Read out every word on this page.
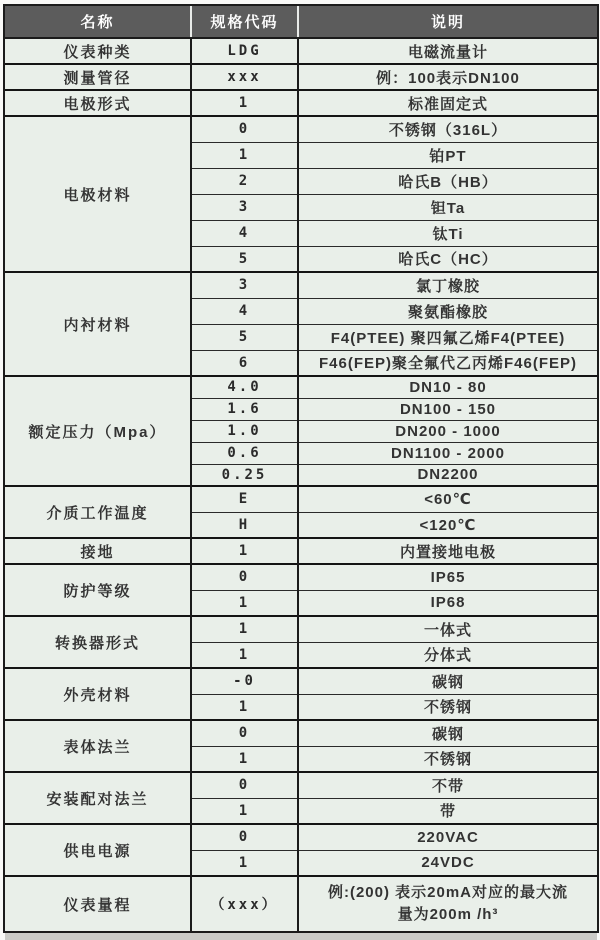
名称	规格代码	说明
仪表种类	LDG	电磁流量计
测量管径	xxx	例：100表示DN100
电极形式	1	标准固定式
电极材料	0	不锈钢（316L）
	1	铂PT
	2	哈氏B（HB）
	3	钽Ta
	4	钛Ti
	5	哈氏C（HC）
内衬材料	3	氯丁橡胶
	4	聚氨酯橡胶
	5	F4(PTEE) 聚四氟乙烯F4(PTEE)
	6	F46(FEP)聚全氟代乙丙烯F46(FEP)
额定压力（Mpa）	4.0	DN10 - 80
	1.6	DN100 - 150
	1.0	DN200 - 1000
	0.6	DN1100 - 2000
	0.25	DN2200
介质工作温度	E	<60℃
	H	<120℃
接地	1	内置接地电极
防护等级	0	IP65
	1	IP68
转换器形式	1	一体式
	1	分体式
外壳材料	-0	碳钢
	1	不锈钢
表体法兰	0	碳钢
	1	不锈钢
安装配对法兰	0	不带
	1	带
供电电源	0	220VAC
	1	24VDC
仪表量程	（xxx）	例:(200) 表示20mA对应的最大流量为200m /h³
